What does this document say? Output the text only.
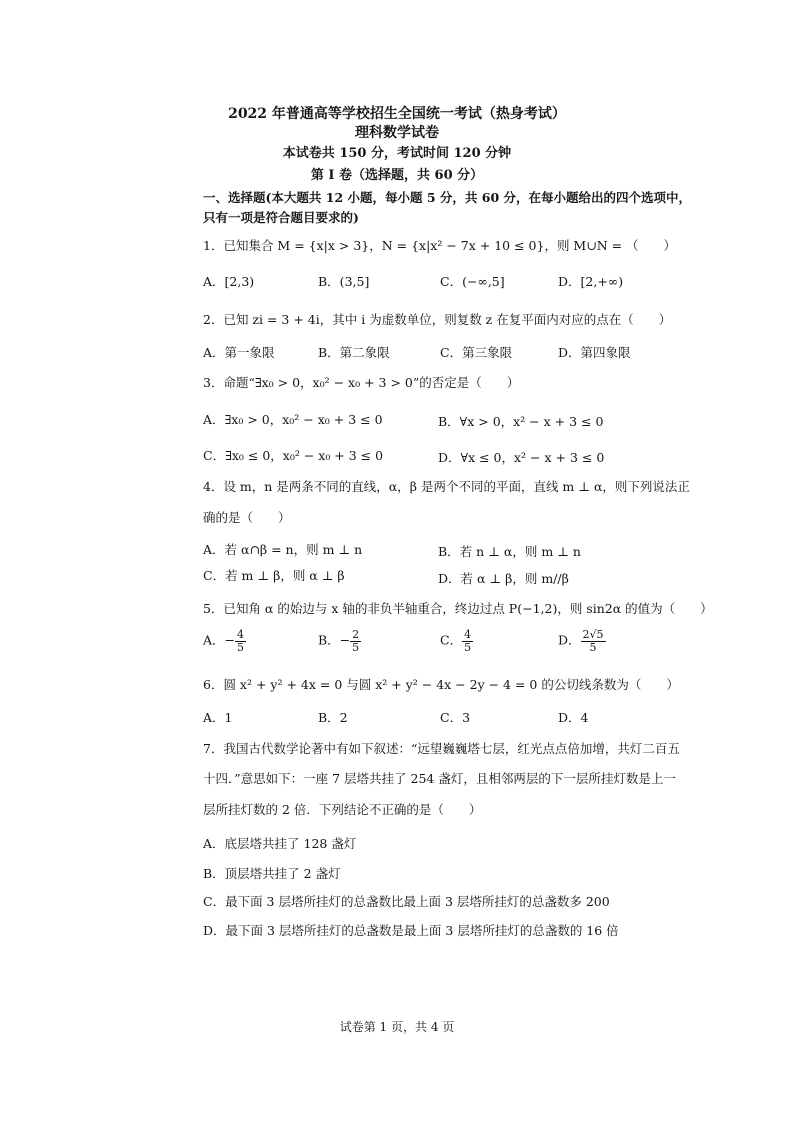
2022 年普通高等学校招生全国统一考试（热身考试）
理科数学试卷
本试卷共 150 分，考试时间 120 分钟
第 I 卷（选择题，共 60 分）
一、选择题(本大题共 12 小题，每小题 5 分，共 60 分，在每小题给出的四个选项中，
只有一项是符合题目要求的)
1．已知集合 M = {x|x > 3}，N = {x|x² − 7x + 10 ≤ 0}，则 M∪N = （　　）
A．[2,3)	B．(3,5]	C．(−∞,5]	D．[2,+∞)
2．已知 zi = 3 + 4i，其中 i 为虚数单位，则复数 z 在复平面内对应的点在（　　）
A．第一象限	B．第二象限	C．第三象限	D．第四象限
3．命题“∃x₀ > 0，x₀² − x₀ + 3 > 0”的否定是（　　）
A．∃x₀ > 0，x₀² − x₀ + 3 ≤ 0	B．∀x > 0，x² − x + 3 ≤ 0
C．∃x₀ ≤ 0，x₀² − x₀ + 3 ≤ 0	D．∀x ≤ 0，x² − x + 3 ≤ 0
4．设 m，n 是两条不同的直线，α，β 是两个不同的平面，直线 m ⊥ α，则下列说法正
确的是（　　）
A．若 α∩β = n，则 m ⊥ n	B．若 n ⊥ α，则 m ⊥ n
C．若 m ⊥ β，则 α ⊥ β	D．若 α ⊥ β，则 m//β
5．已知角 α 的始边与 x 轴的非负半轴重合，终边过点 P(−1,2)，则 sin2α 的值为（　　）
A．− $\frac{4}{5}$	B．− $\frac{2}{5}$	C． $\frac{4}{5}$	D． $\frac{2√5}{5}$
6．圆 x² + y² + 4x = 0 与圆 x² + y² − 4x − 2y − 4 = 0 的公切线条数为（　　）
A．1	B．2	C．3	D．4
7．我国古代数学论著中有如下叙述：“远望巍巍塔七层，红光点点倍加增，共灯二百五
十四．”意思如下：一座 7 层塔共挂了 254 盏灯，且相邻两层的下一层所挂灯数是上一
层所挂灯数的 2 倍．下列结论不正确的是（　　）
A．底层塔共挂了 128 盏灯
B．顶层塔共挂了 2 盏灯
C．最下面 3 层塔所挂灯的总盏数比最上面 3 层塔所挂灯的总盏数多 200
D．最下面 3 层塔所挂灯的总盏数是最上面 3 层塔所挂灯的总盏数的 16 倍
试卷第 1 页，共 4 页
